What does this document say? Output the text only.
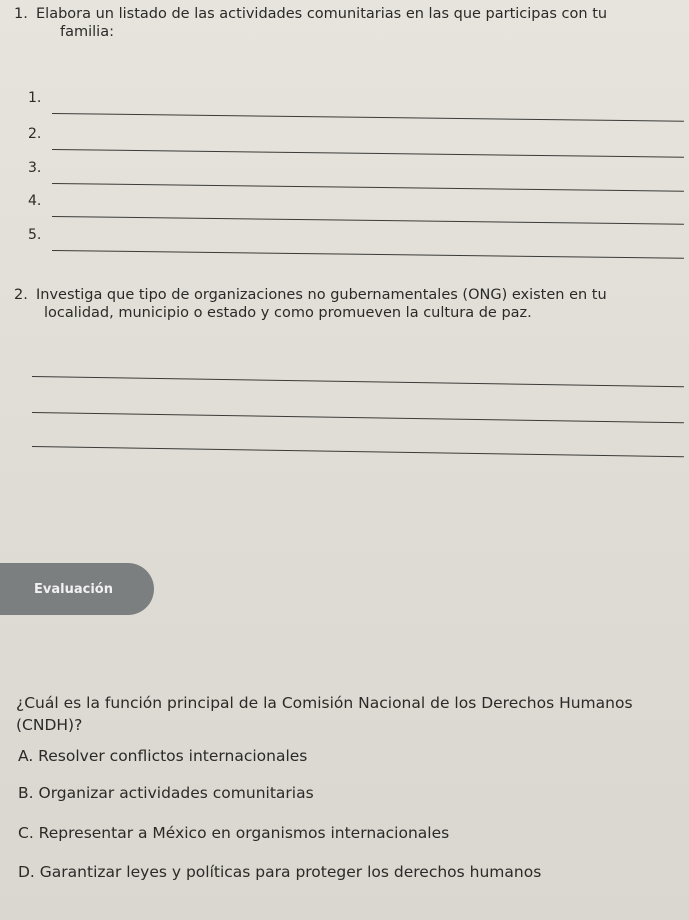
1. Elabora un listado de las actividades comunitarias en las que participas con tu
familia:
1.
2.
3.
4.
5.
2. Investiga que tipo de organizaciones no gubernamentales (ONG) existen en tu
localidad, municipio o estado y como promueven la cultura de paz.
Evaluación
¿Cuál es la función principal de la Comisión Nacional de los Derechos Humanos (CNDH)?
A. Resolver conflictos internacionales
B. Organizar actividades comunitarias
C. Representar a México en organismos internacionales
D. Garantizar leyes y políticas para proteger los derechos humanos
